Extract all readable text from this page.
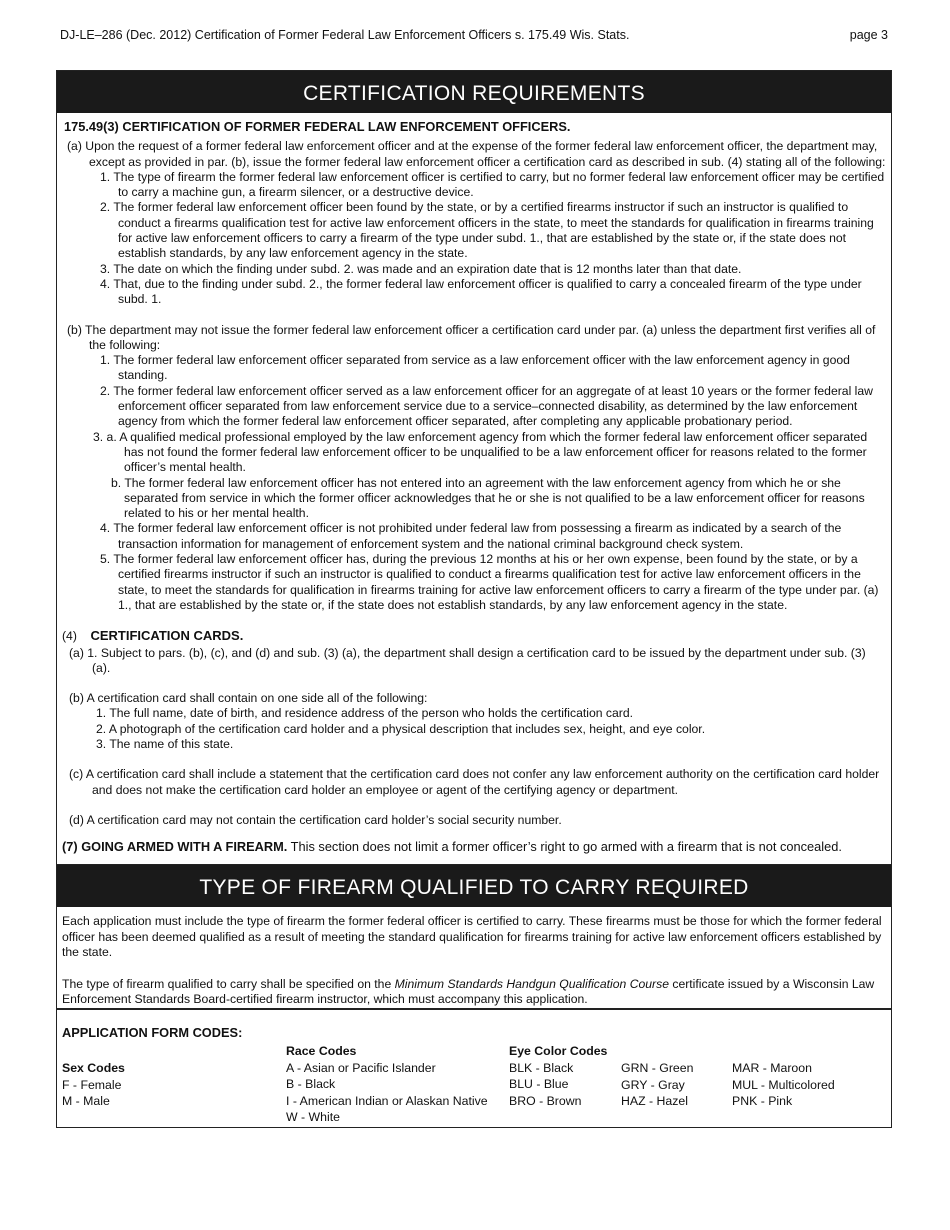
DJ-LE–286 (Dec. 2012) Certification of Former Federal Law Enforcement Officers s. 175.49 Wis. Stats.	page 3
CERTIFICATION REQUIREMENTS
175.49(3) CERTIFICATION OF FORMER FEDERAL LAW ENFORCEMENT OFFICERS.
(a) Upon the request of a former federal law enforcement officer and at the expense of the former federal law enforcement officer, the department may, except as provided in par. (b), issue the former federal law enforcement officer a certification card as described in sub. (4) stating all of the following:
1. The type of firearm the former federal law enforcement officer is certified to carry, but no former federal law enforcement officer may be certified to carry a machine gun, a firearm silencer, or a destructive device.
2. The former federal law enforcement officer been found by the state, or by a certified firearms instructor if such an instructor is qualified to conduct a firearms qualification test for active law enforcement officers in the state, to meet the standards for qualification in firearms training for active law enforcement officers to carry a firearm of the type under subd. 1., that are established by the state or, if the state does not establish standards, by any law enforcement agency in the state.
3. The date on which the finding under subd. 2. was made and an expiration date that is 12 months later than that date.
4. That, due to the finding under subd. 2., the former federal law enforcement officer is qualified to carry a concealed firearm of the type under subd. 1.
(b) The department may not issue the former federal law enforcement officer a certification card under par. (a) unless the department first verifies all of the following:
1. The former federal law enforcement officer separated from service as a law enforcement officer with the law enforcement agency in good standing.
2. The former federal law enforcement officer served as a law enforcement officer for an aggregate of at least 10 years or the former federal law enforcement officer separated from law enforcement service due to a service–connected disability, as determined by the law enforcement agency from which the former federal law enforcement officer separated, after completing any applicable probationary period.
3. a. A qualified medical professional employed by the law enforcement agency from which the former federal law enforcement officer separated has not found the former federal law enforcement officer to be unqualified to be a law enforcement officer for reasons related to the former officer’s mental health.
b. The former federal law enforcement officer has not entered into an agreement with the law enforcement agency from which he or she separated from service in which the former officer acknowledges that he or she is not qualified to be a law enforcement officer for reasons related to his or her mental health.
4. The former federal law enforcement officer is not prohibited under federal law from possessing a firearm as indicated by a search of the transaction information for management of enforcement system and the national criminal background check system.
5. The former federal law enforcement officer has, during the previous 12 months at his or her own expense, been found by the state, or by a certified firearms instructor if such an instructor is qualified to conduct a firearms qualification test for active law enforcement officers in the state, to meet the standards for qualification in firearms training for active law enforcement officers to carry a firearm of the type under par. (a) 1., that are established by the state or, if the state does not establish standards, by any law enforcement agency in the state.
(4) CERTIFICATION CARDS.
(a) 1. Subject to pars. (b), (c), and (d) and sub. (3) (a), the department shall design a certification card to be issued by the department under sub. (3) (a).
(b) A certification card shall contain on one side all of the following:
1. The full name, date of birth, and residence address of the person who holds the certification card.
2. A photograph of the certification card holder and a physical description that includes sex, height, and eye color.
3. The name of this state.
(c) A certification card shall include a statement that the certification card does not confer any law enforcement authority on the certification card holder and does not make the certification card holder an employee or agent of the certifying agency or department.
(d) A certification card may not contain the certification card holder’s social security number.
(7) GOING ARMED WITH A FIREARM. This section does not limit a former officer’s right to go armed with a firearm that is not concealed.
TYPE OF FIREARM QUALIFIED TO CARRY REQUIRED
Each application must include the type of firearm the former federal officer is certified to carry. These firearms must be those for which the former federal officer has been deemed qualified as a result of meeting the standard qualification for firearms training for active law enforcement officers established by the state.
The type of firearm qualified to carry shall be specified on the Minimum Standards Handgun Qualification Course certificate issued by a Wisconsin Law Enforcement Standards Board-certified firearm instructor, which must accompany this application.
APPLICATION FORM CODES:
Sex Codes
F - Female
M - Male
Race Codes
A - Asian or Pacific Islander
B - Black
I - American Indian or Alaskan Native
W - White
Eye Color Codes
BLK - Black
BLU - Blue
BRO - Brown
GRN - Green
GRY - Gray
HAZ - Hazel
MAR - Maroon
MUL - Multicolored
PNK - Pink
